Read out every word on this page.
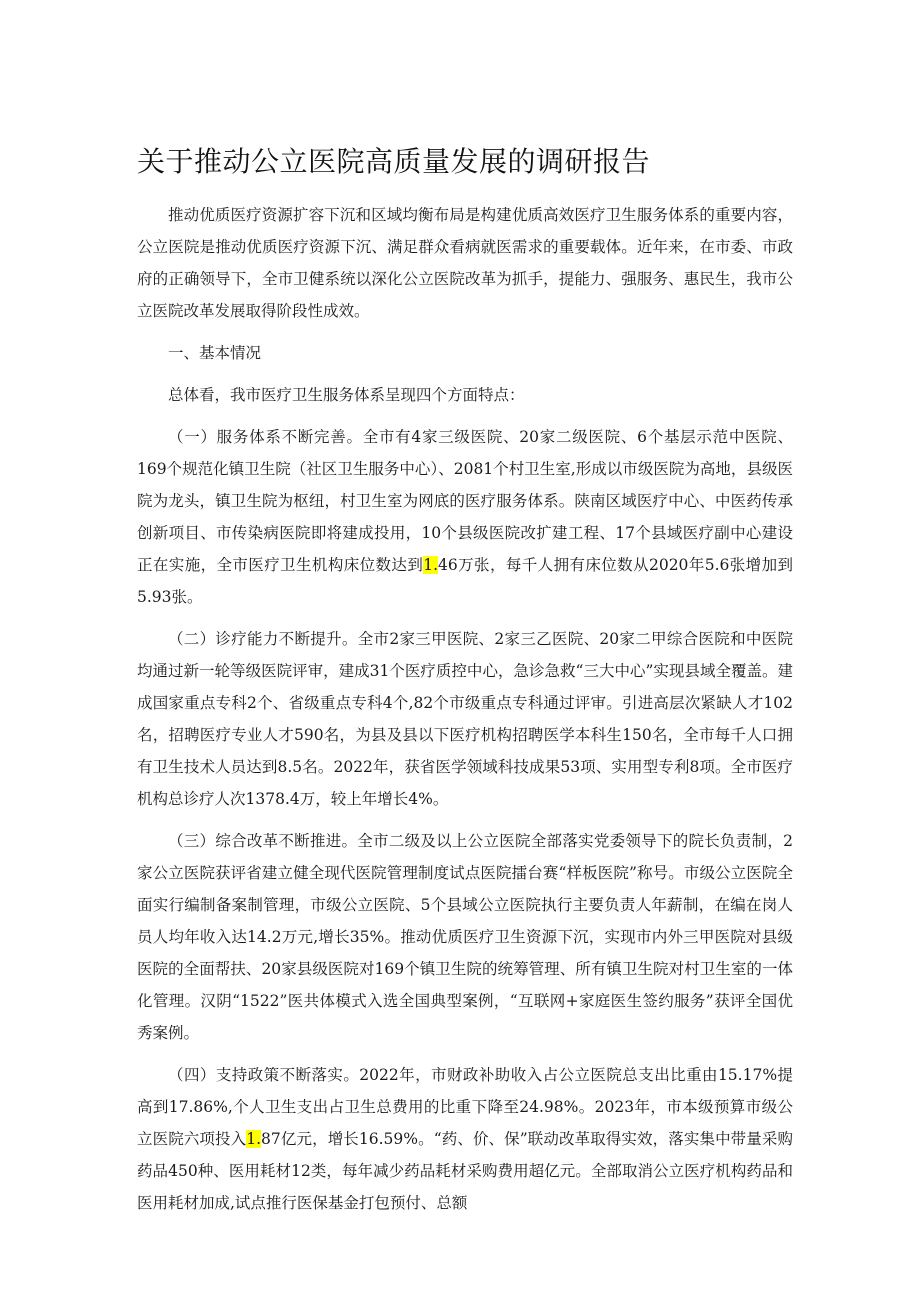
关于推动公立医院高质量发展的调研报告

推动优质医疗资源扩容下沉和区域均衡布局是构建优质高效医疗卫生服务体系的重要内容，公立医院是推动优质医疗资源下沉、满足群众看病就医需求的重要载体。近年来，在市委、市政府的正确领导下，全市卫健系统以深化公立医院改革为抓手，提能力、强服务、惠民生，我市公立医院改革发展取得阶段性成效。

一、基本情况

总体看，我市医疗卫生服务体系呈现四个方面特点：

（一）服务体系不断完善。全市有4家三级医院、20家二级医院、6个基层示范中医院、169个规范化镇卫生院（社区卫生服务中心）、2081个村卫生室,形成以市级医院为高地，县级医院为龙头，镇卫生院为枢纽，村卫生室为网底的医疗服务体系。陕南区域医疗中心、中医药传承创新项目、市传染病医院即将建成投用，10个县级医院改扩建工程、17个县域医疗副中心建设正在实施，全市医疗卫生机构床位数达到1.46万张，每千人拥有床位数从2020年5.6张增加到5.93张。

（二）诊疗能力不断提升。全市2家三甲医院、2家三乙医院、20家二甲综合医院和中医院均通过新一轮等级医院评审，建成31个医疗质控中心，急诊急救“三大中心”实现县域全覆盖。建成国家重点专科2个、省级重点专科4个,82个市级重点专科通过评审。引进高层次紧缺人才102名，招聘医疗专业人才590名，为县及县以下医疗机构招聘医学本科生150名，全市每千人口拥有卫生技术人员达到8.5名。2022年，获省医学领域科技成果53项、实用型专利8项。全市医疗机构总诊疗人次1378.4万，较上年增长4%。

（三）综合改革不断推进。全市二级及以上公立医院全部落实党委领导下的院长负责制，2家公立医院获评省建立健全现代医院管理制度试点医院擂台赛“样板医院”称号。市级公立医院全面实行编制备案制管理，市级公立医院、5个县域公立医院执行主要负责人年薪制，在编在岗人员人均年收入达14.2万元,增长35%。推动优质医疗卫生资源下沉，实现市内外三甲医院对县级医院的全面帮扶、20家县级医院对169个镇卫生院的统筹管理、所有镇卫生院对村卫生室的一体化管理。汉阴“1522”医共体模式入选全国典型案例，“互联网+家庭医生签约服务”获评全国优秀案例。

（四）支持政策不断落实。2022年，市财政补助收入占公立医院总支出比重由15.17%提高到17.86%,个人卫生支出占卫生总费用的比重下降至24.98%。2023年，市本级预算市级公立医院六项投入1.87亿元，增长16.59%。“药、价、保”联动改革取得实效，落实集中带量采购药品450种、医用耗材12类，每年减少药品耗材采购费用超亿元。全部取消公立医疗机构药品和医用耗材加成,试点推行医保基金打包预付、总额
